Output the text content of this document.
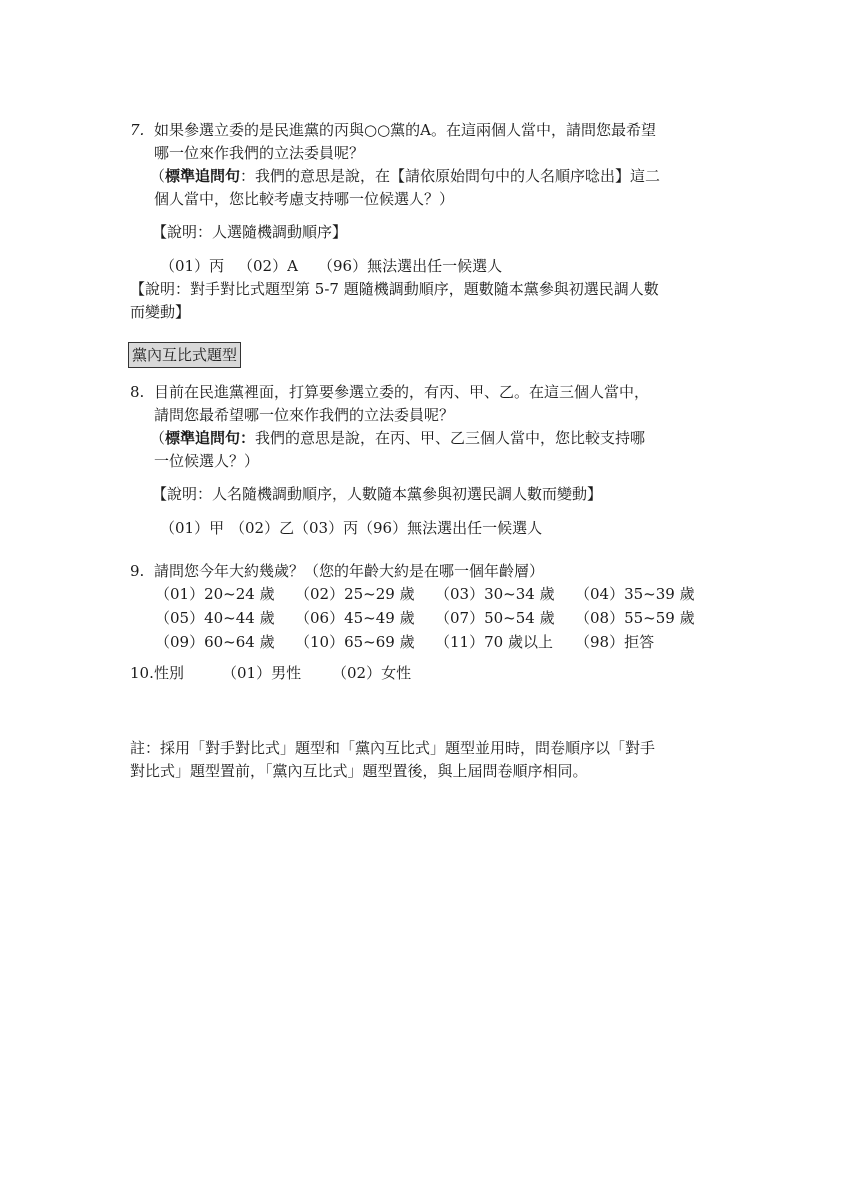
7. 如果參選立委的是民進黨的丙與○○黨的A。在這兩個人當中，請問您最希望
哪一位來作我們的立法委員呢？
（標準追問句：我們的意思是說，在【請依原始問句中的人名順序唸出】這二
個人當中，您比較考慮支持哪一位候選人？）
【說明：人選隨機調動順序】
（01）丙 （02）A （96）無法選出任一候選人
【說明：對手對比式題型第 5-7 題隨機調動順序，題數隨本黨參與初選民調人數
而變動】
黨內互比式題型
8. 目前在民進黨裡面，打算要參選立委的，有丙、甲、乙。在這三個人當中，
請問您最希望哪一位來作我們的立法委員呢？
（標準追問句：我們的意思是說，在丙、甲、乙三個人當中，您比較支持哪
一位候選人？）
【說明：人名隨機調動順序，人數隨本黨參與初選民調人數而變動】
（01）甲 （02）乙（03）丙（96）無法選出任一候選人
9. 請問您今年大約幾歲？（您的年齡大約是在哪一個年齡層）
（01）20~24 歲 （02）25~29 歲 （03）30~34 歲 （04）35~39 歲
（05）40~44 歲 （06）45~49 歲 （07）50~54 歲 （08）55~59 歲
（09）60~64 歲 （10）65~69 歲 （11）70 歲以上 （98）拒答
10.性別	（01）男性 （02）女性
註：採用「對手對比式」題型和「黨內互比式」題型並用時，問卷順序以「對手
對比式」題型置前，「黨內互比式」題型置後，與上屆問卷順序相同。
